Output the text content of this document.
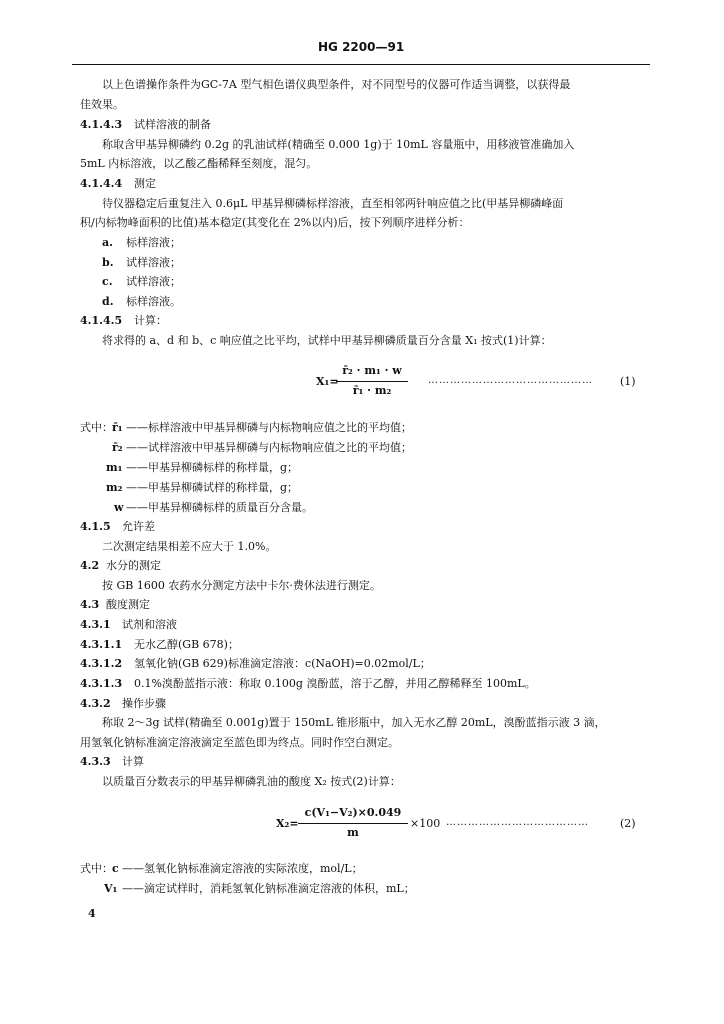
HG 2200—91
以上色谱操作条件为GC-7A 型气相色谱仪典型条件，对不同型号的仪器可作适当调整，以获得最
佳效果。
4.1.4.3 试样溶液的制备
称取含甲基异柳磷约 0.2g 的乳油试样(精确至 0.000 1g)于 10mL 容量瓶中，用移液管准确加入
5mL 内标溶液，以乙酸乙酯稀释至刻度，混匀。
4.1.4.4 测定
待仪器稳定后重复注入 0.6μL 甲基异柳磷标样溶液，直至相邻两针响应值之比(甲基异柳磷峰面
积/内标物峰面积的比值)基本稳定(其变化在 2%以内)后，按下列顺序进样分析：
a. 标样溶液；
b. 试样溶液；
c. 试样溶液；
d. 标样溶液。
4.1.4.5 计算：
将求得的 a、d 和 b、c 响应值之比平均，试样中甲基异柳磷质量百分含量 X₁ 按式(1)计算：
X₁=
r̄₂ · m₁ · w
r̄₁ · m₂
……………………………………… (1)
式中： r̄₁ ——标样溶液中甲基异柳磷与内标物响应值之比的平均值；
r̄₂ ——试样溶液中甲基异柳磷与内标物响应值之比的平均值；
m₁ ——甲基异柳磷标样的称样量，g；
m₂ ——甲基异柳磷试样的称样量，g；
w ——甲基异柳磷标样的质量百分含量。
4.1.5 允许差
二次测定结果相差不应大于 1.0%。
4.2 水分的测定
按 GB 1600 农药水分测定方法中卡尔·费休法进行测定。
4.3 酸度测定
4.3.1 试剂和溶液
4.3.1.1 无水乙醇(GB 678)；
4.3.1.2 氢氧化钠(GB 629)标准滴定溶液：c(NaOH)=0.02mol/L；
4.3.1.3 0.1%溴酚蓝指示液：称取 0.100g 溴酚蓝，溶于乙醇，并用乙醇稀释至 100mL。
4.3.2 操作步骤
称取 2～3g 试样(精确至 0.001g)置于 150mL 锥形瓶中，加入无水乙醇 20mL，溴酚蓝指示液 3 滴，
用氢氧化钠标准滴定溶液滴定至蓝色即为终点。同时作空白测定。
4.3.3 计算
以质量百分数表示的甲基异柳磷乳油的酸度 X₂ 按式(2)计算：
X₂=
c(V₁−V₂)×0.049
m
×100 …………………………………	(2)
式中： c ——氢氧化钠标准滴定溶液的实际浓度，mol/L；
V₁ ——滴定试样时，消耗氢氧化钠标准滴定溶液的体积，mL；
4
